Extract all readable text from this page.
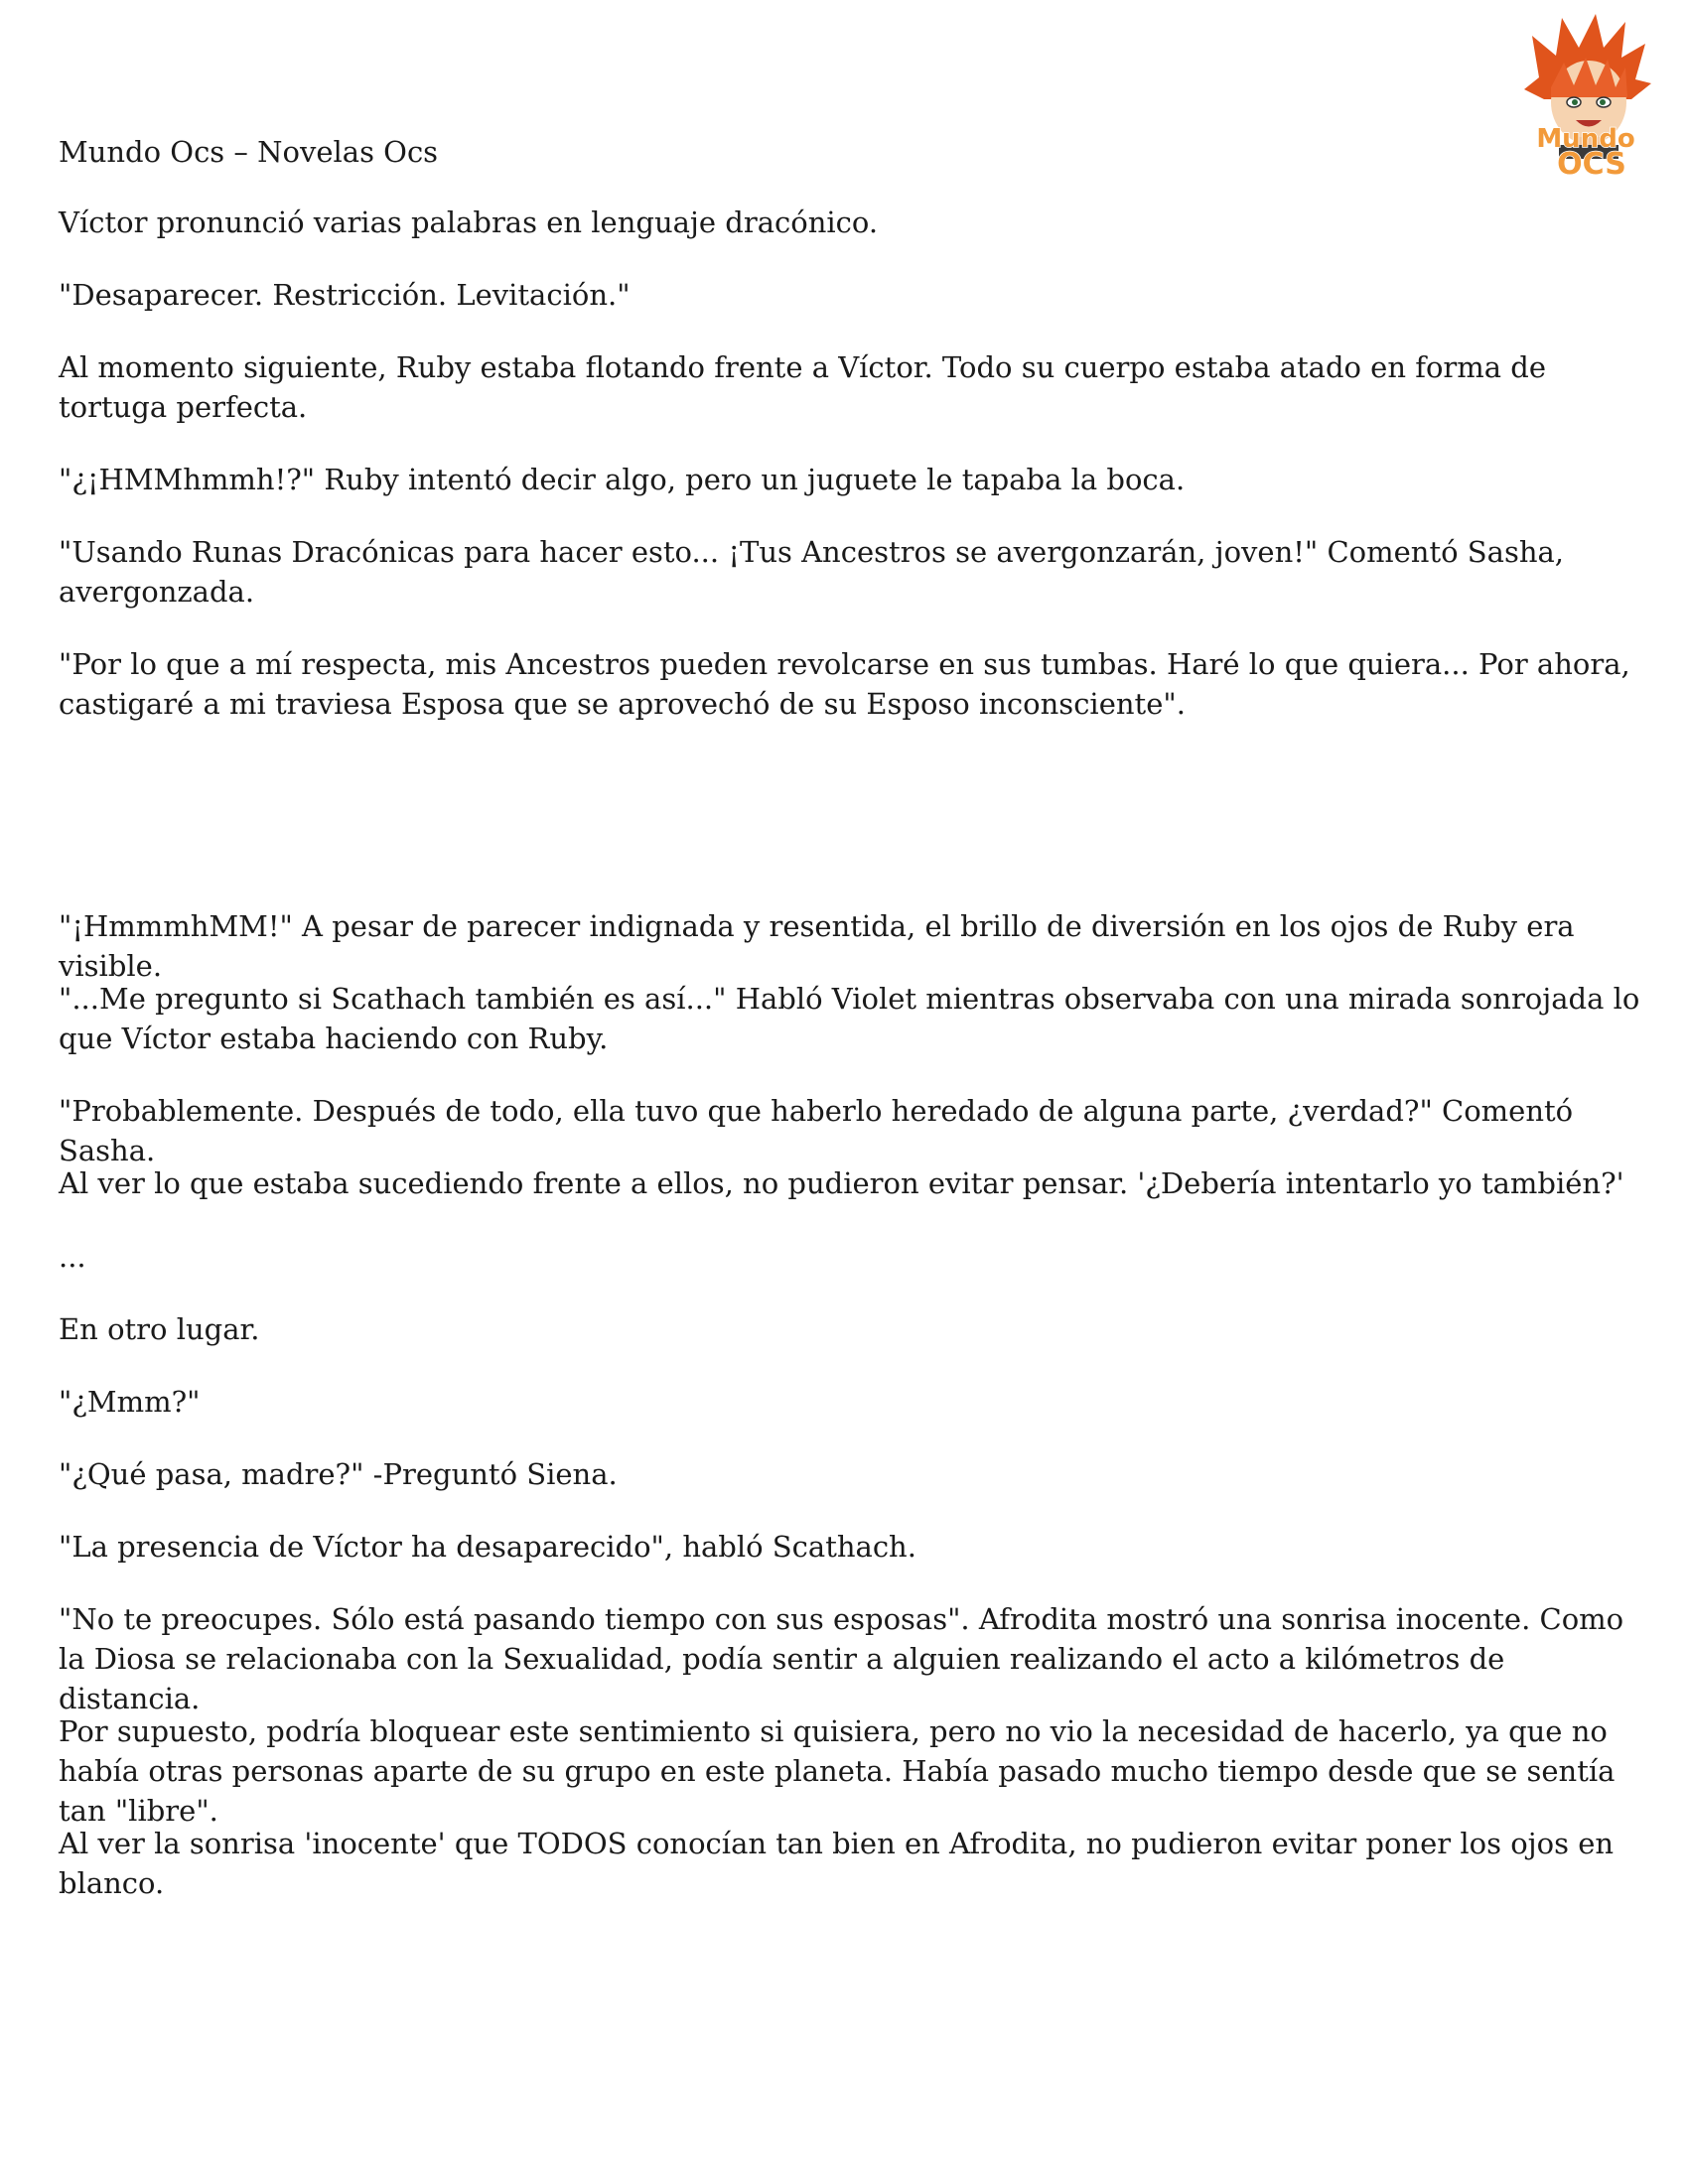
Mundo
OCS

Mundo Ocs – Novelas Ocs

Víctor pronunció varias palabras en lenguaje dracónico.

"Desaparecer. Restricción. Levitación."

Al momento siguiente, Ruby estaba flotando frente a Víctor. Todo su cuerpo estaba atado en forma de tortuga perfecta.

"¿¡HMMhmmh!?" Ruby intentó decir algo, pero un juguete le tapaba la boca.

"Usando Runas Dracónicas para hacer esto... ¡Tus Ancestros se avergonzarán, joven!" Comentó Sasha, avergonzada.

"Por lo que a mí respecta, mis Ancestros pueden revolcarse en sus tumbas. Haré lo que quiera... Por ahora, castigaré a mi traviesa Esposa que se aprovechó de su Esposo inconsciente".

"¡HmmmhMM!" A pesar de parecer indignada y resentida, el brillo de diversión en los ojos de Ruby era visible.

"...Me pregunto si Scathach también es así..." Habló Violet mientras observaba con una mirada sonrojada lo que Víctor estaba haciendo con Ruby.

"Probablemente. Después de todo, ella tuvo que haberlo heredado de alguna parte, ¿verdad?" Comentó Sasha.

Al ver lo que estaba sucediendo frente a ellos, no pudieron evitar pensar. '¿Debería intentarlo yo también?'

...

En otro lugar.

"¿Mmm?"

"¿Qué pasa, madre?" -Preguntó Siena.

"La presencia de Víctor ha desaparecido", habló Scathach.

"No te preocupes. Sólo está pasando tiempo con sus esposas". Afrodita mostró una sonrisa inocente. Como la Diosa se relacionaba con la Sexualidad, podía sentir a alguien realizando el acto a kilómetros de distancia.

Por supuesto, podría bloquear este sentimiento si quisiera, pero no vio la necesidad de hacerlo, ya que no había otras personas aparte de su grupo en este planeta. Había pasado mucho tiempo desde que se sentía tan "libre".

Al ver la sonrisa 'inocente' que TODOS conocían tan bien en Afrodita, no pudieron evitar poner los ojos en blanco.
